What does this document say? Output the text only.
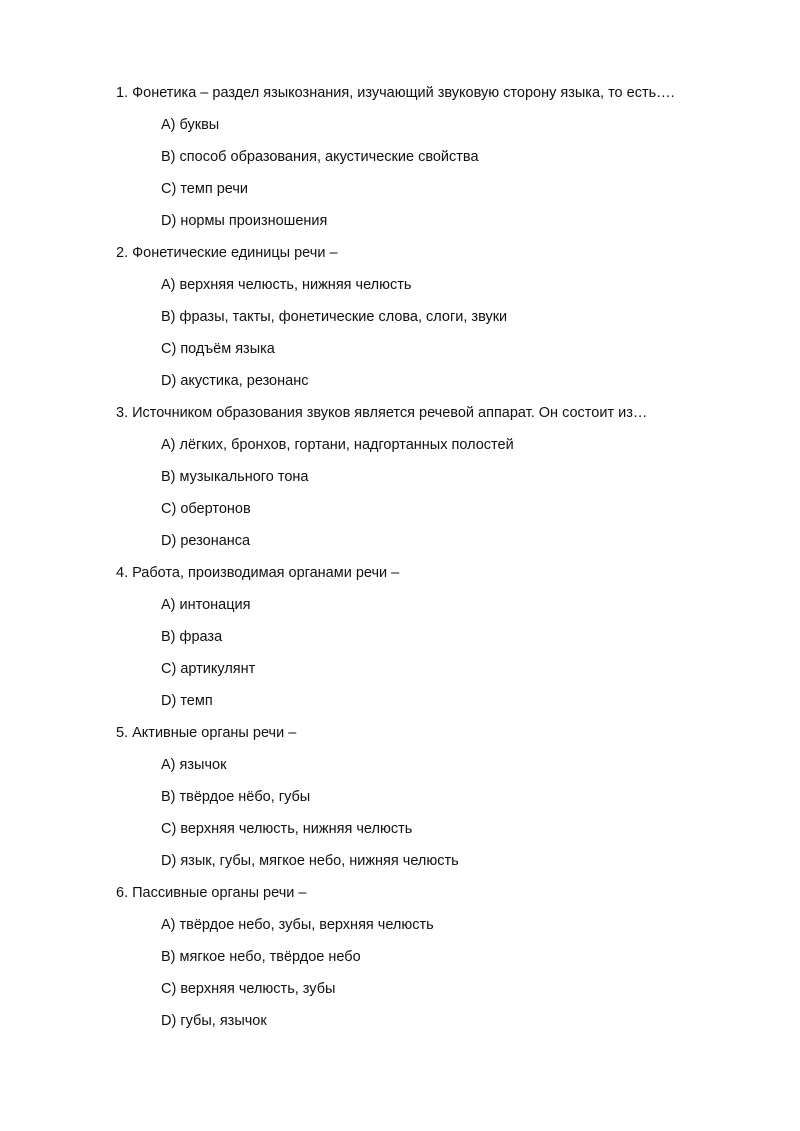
1. Фонетика – раздел языкознания, изучающий звуковую сторону языка, то есть….
A) буквы
B) способ образования, акустические свойства
C) темп речи
D) нормы произношения
2. Фонетические единицы речи –
A) верхняя челюсть, нижняя челюсть
B) фразы, такты, фонетические слова, слоги, звуки
C) подъём языка
D) акустика, резонанс
3. Источником образования звуков является речевой аппарат. Он состоит из…
A) лёгких, бронхов, гортани, надгортанных полостей
B) музыкального тона
C) обертонов
D) резонанса
4. Работа, производимая органами речи –
A) интонация
B) фраза
C) артикулянт
D) темп
5. Активные органы речи –
A) язычок
B) твёрдое нёбо, губы
C) верхняя челюсть, нижняя челюсть
D) язык, губы, мягкое небо, нижняя челюсть
6. Пассивные органы речи –
A) твёрдое небо, зубы, верхняя челюсть
B) мягкое небо, твёрдое небо
C) верхняя челюсть, зубы
D) губы, язычок
